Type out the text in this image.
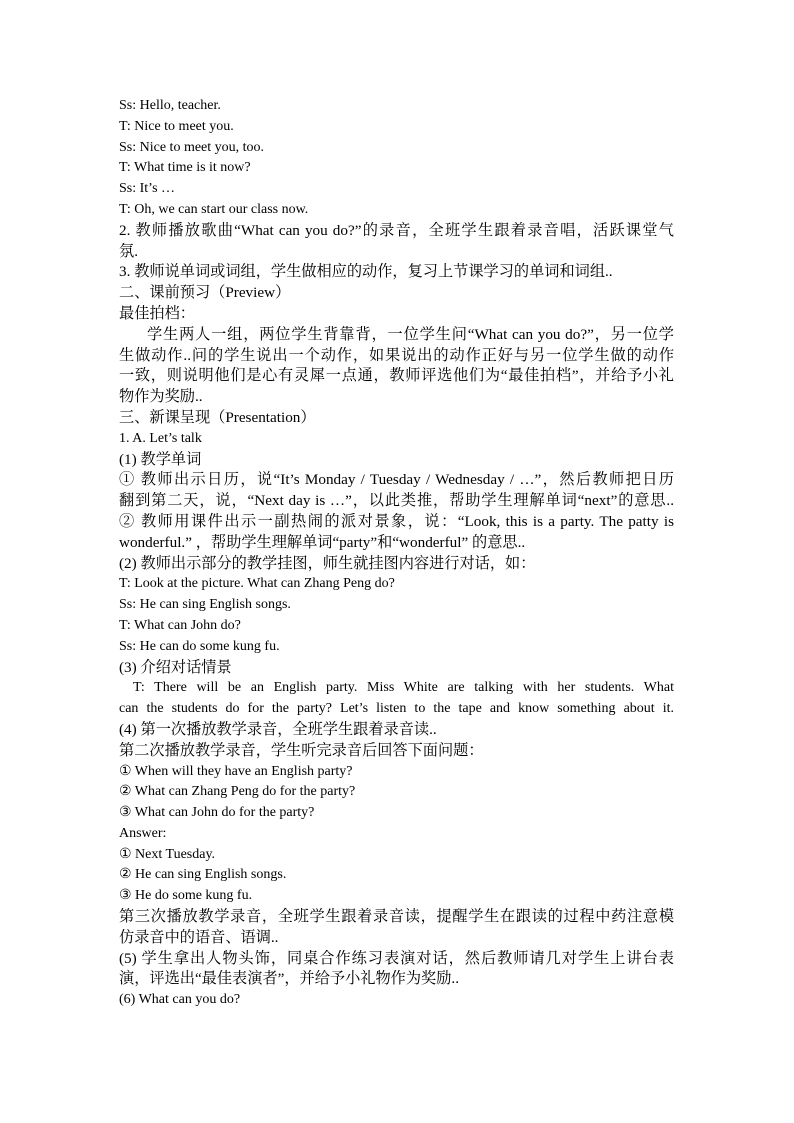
Ss: Hello, teacher.
T: Nice to meet you.
Ss: Nice to meet you, too.
T: What time is it now?
Ss: It’s …
T: Oh, we can start our class now.
2. 教师播放歌曲“What can you do?”的录音，全班学生跟着录音唱，活跃课堂气
氛.
3. 教师说单词或词组，学生做相应的动作，复习上节课学习的单词和词组..
二、课前预习（Preview）
最佳拍档：
学生两人一组，两位学生背靠背，一位学生问“What can you do?”，另一位学
生做动作..问的学生说出一个动作，如果说出的动作正好与另一位学生做的动作
一致，则说明他们是心有灵犀一点通，教师评选他们为“最佳拍档”，并给予小礼
物作为奖励..
三、新课呈现（Presentation）
1. A. Let’s talk
(1) 教学单词
① 教师出示日历，说“It’s Monday / Tuesday / Wednesday / …”，然后教师把日历
翻到第二天，说，“Next day is …”，以此类推，帮助学生理解单词“next”的意思..
② 教师用课件出示一副热闹的派对景象，说：“Look, this is a party. The patty is
wonderful.” ，帮助学生理解单词“party”和“wonderful” 的意思..
(2) 教师出示部分的教学挂图，师生就挂图内容进行对话，如：
T: Look at the picture. What can Zhang Peng do?
Ss: He can sing English songs.
T: What can John do?
Ss: He can do some kung fu.
(3) 介绍对话情景
T: There will be an English party. Miss White are talking with her students. What
can the students do for the party? Let’s listen to the tape and know something about it.
(4) 第一次播放教学录音，全班学生跟着录音读..
第二次播放教学录音，学生听完录音后回答下面问题：
① When will they have an English party?
② What can Zhang Peng do for the party?
③ What can John do for the party?
Answer:
① Next Tuesday.
② He can sing English songs.
③ He do some kung fu.
第三次播放教学录音，全班学生跟着录音读，提醒学生在跟读的过程中药注意模
仿录音中的语音、语调..
(5) 学生拿出人物头饰，同桌合作练习表演对话，然后教师请几对学生上讲台表
演，评选出“最佳表演者”，并给予小礼物作为奖励..
(6) What can you do?
